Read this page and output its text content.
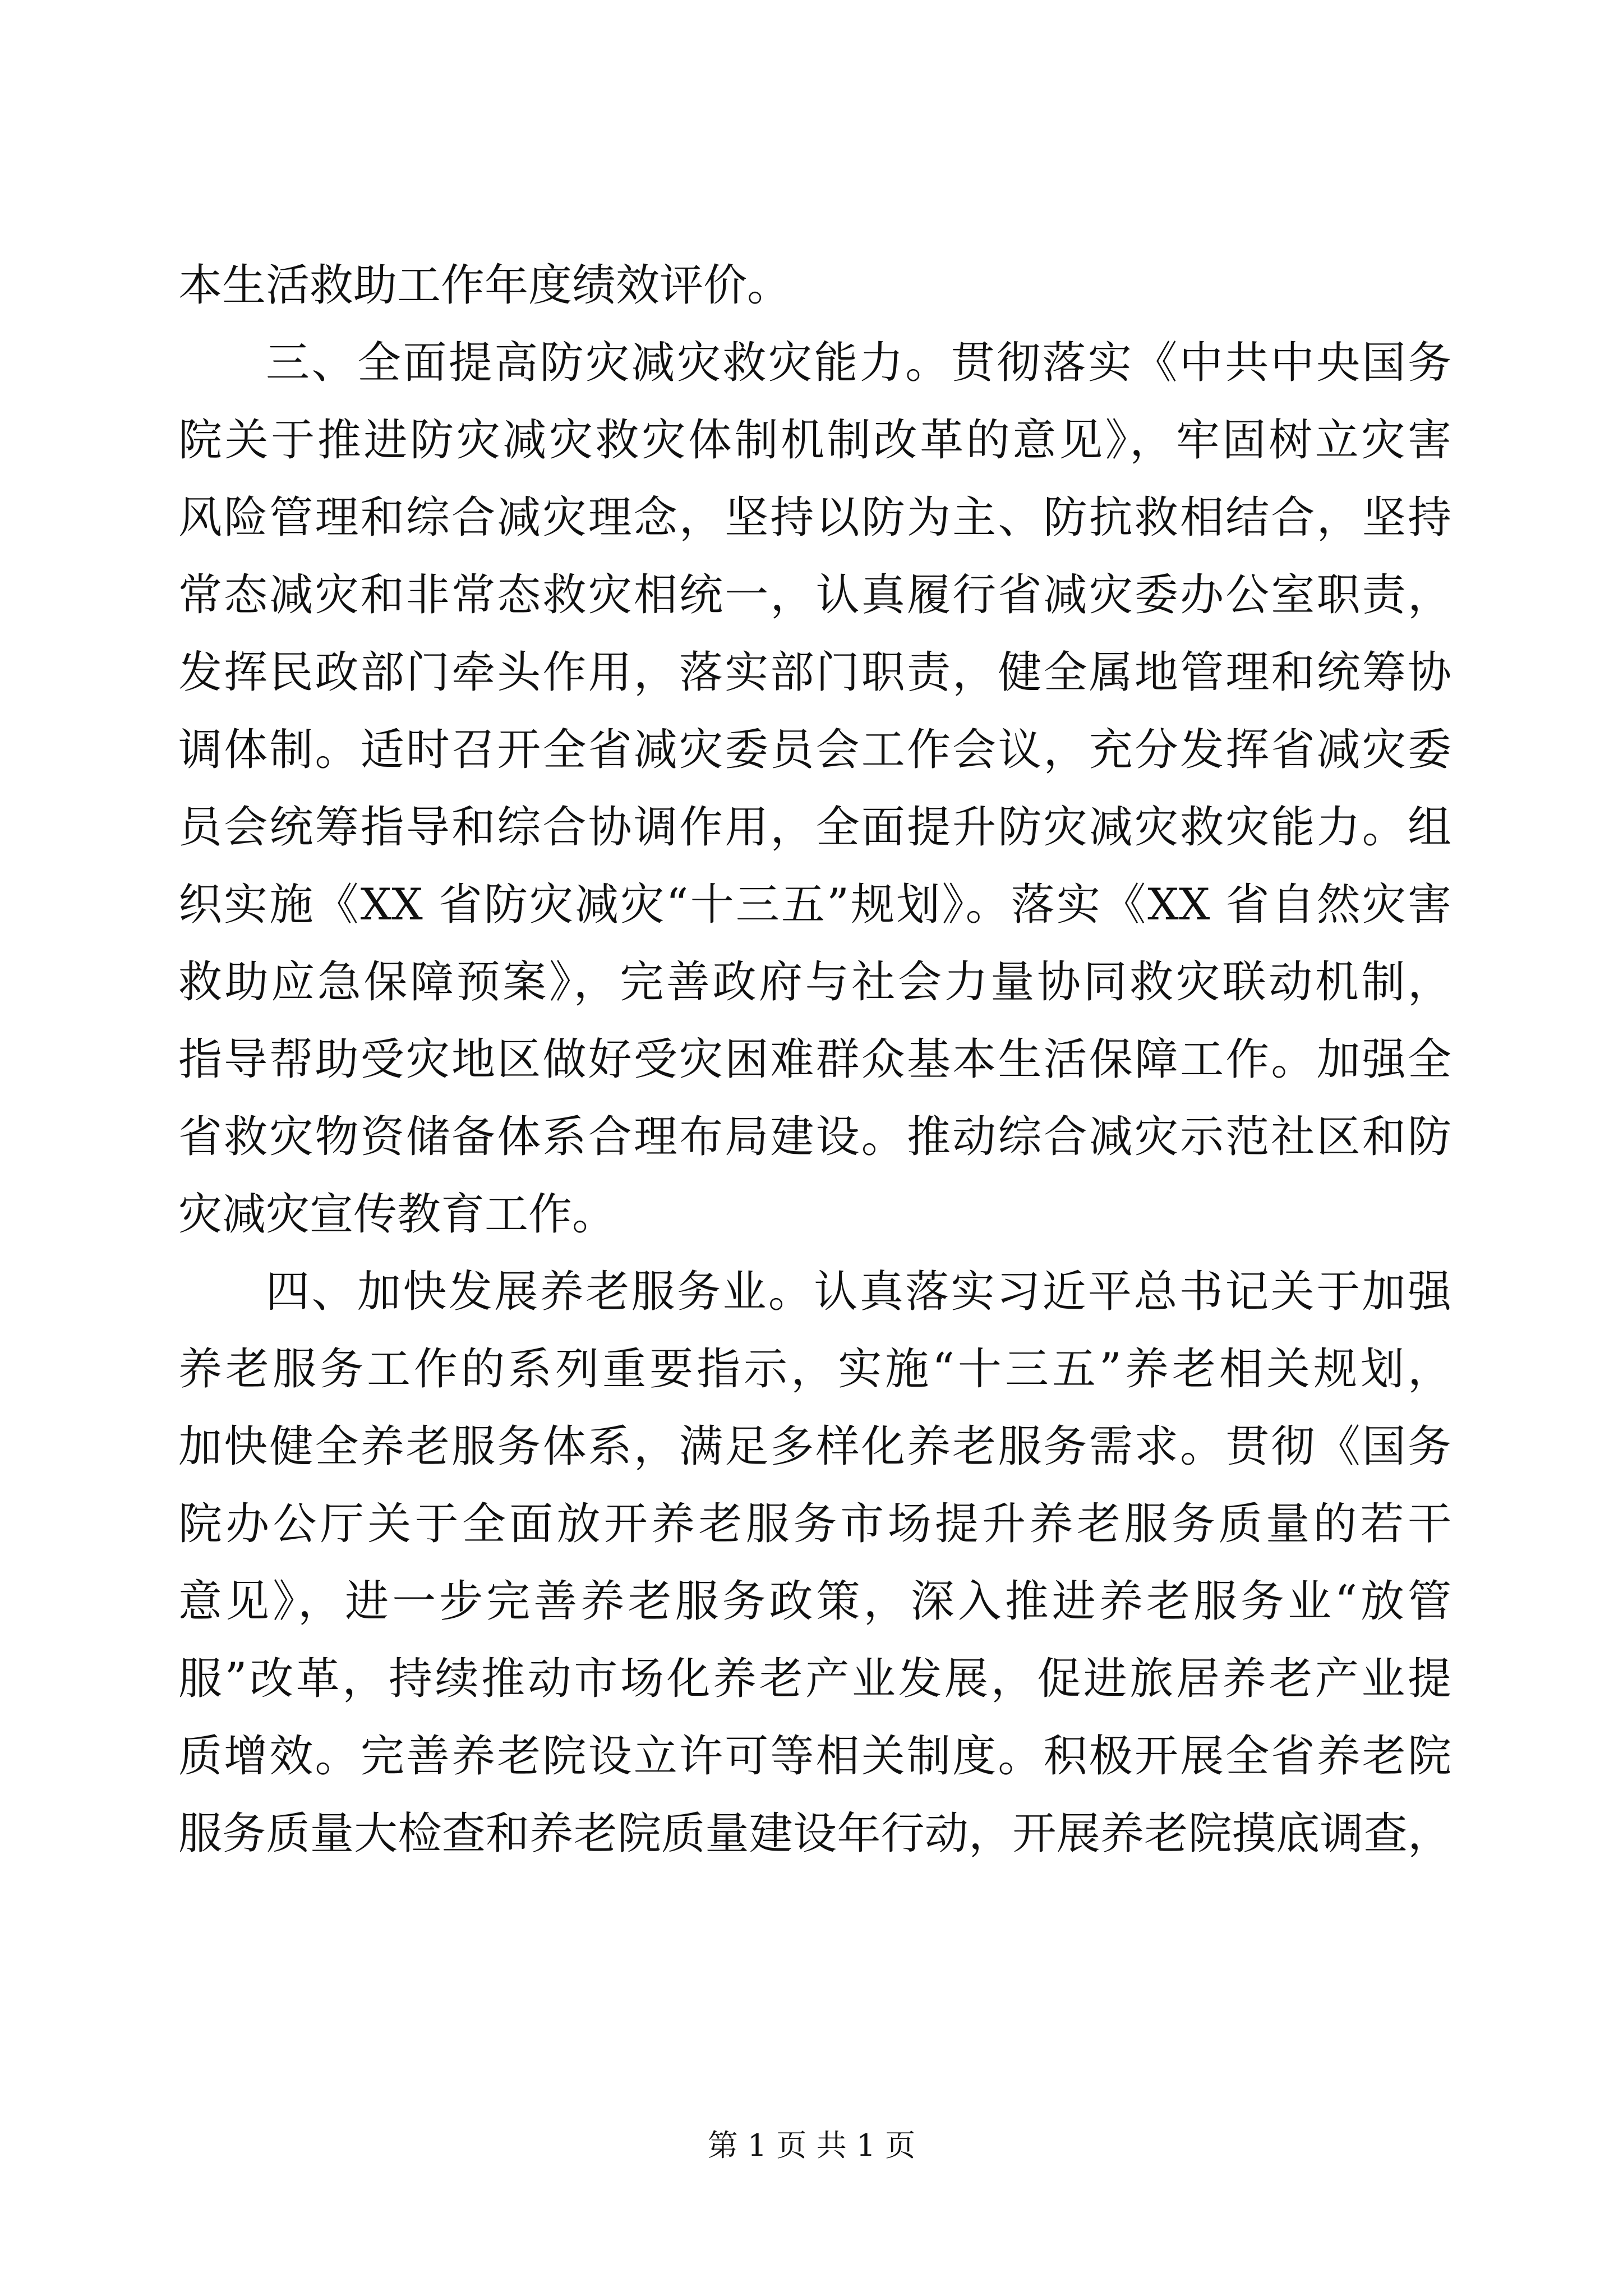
本生活救助工作年度绩效评价。
三、全面提高防灾减灾救灾能力。贯彻落实《中共中央国务
院关于推进防灾减灾救灾体制机制改革的意见》，牢固树立灾害
风险管理和综合减灾理念，坚持以防为主、防抗救相结合，坚持
常态减灾和非常态救灾相统一，认真履行省减灾委办公室职责，
发挥民政部门牵头作用，落实部门职责，健全属地管理和统筹协
调体制。适时召开全省减灾委员会工作会议，充分发挥省减灾委
员会统筹指导和综合协调作用，全面提升防灾减灾救灾能力。组
织实施《XX 省防灾减灾“十三五”规划》。落实《XX 省自然灾害
救助应急保障预案》，完善政府与社会力量协同救灾联动机制，
指导帮助受灾地区做好受灾困难群众基本生活保障工作。加强全
省救灾物资储备体系合理布局建设。推动综合减灾示范社区和防
灾减灾宣传教育工作。
四、加快发展养老服务业。认真落实习近平总书记关于加强
养老服务工作的系列重要指示，实施“十三五”养老相关规划，
加快健全养老服务体系，满足多样化养老服务需求。贯彻《国务
院办公厅关于全面放开养老服务市场提升养老服务质量的若干
意见》，进一步完善养老服务政策，深入推进养老服务业“放管
服”改革，持续推动市场化养老产业发展，促进旅居养老产业提
质增效。完善养老院设立许可等相关制度。积极开展全省养老院
服务质量大检查和养老院质量建设年行动，开展养老院摸底调查，
第 1 页 共 1 页
